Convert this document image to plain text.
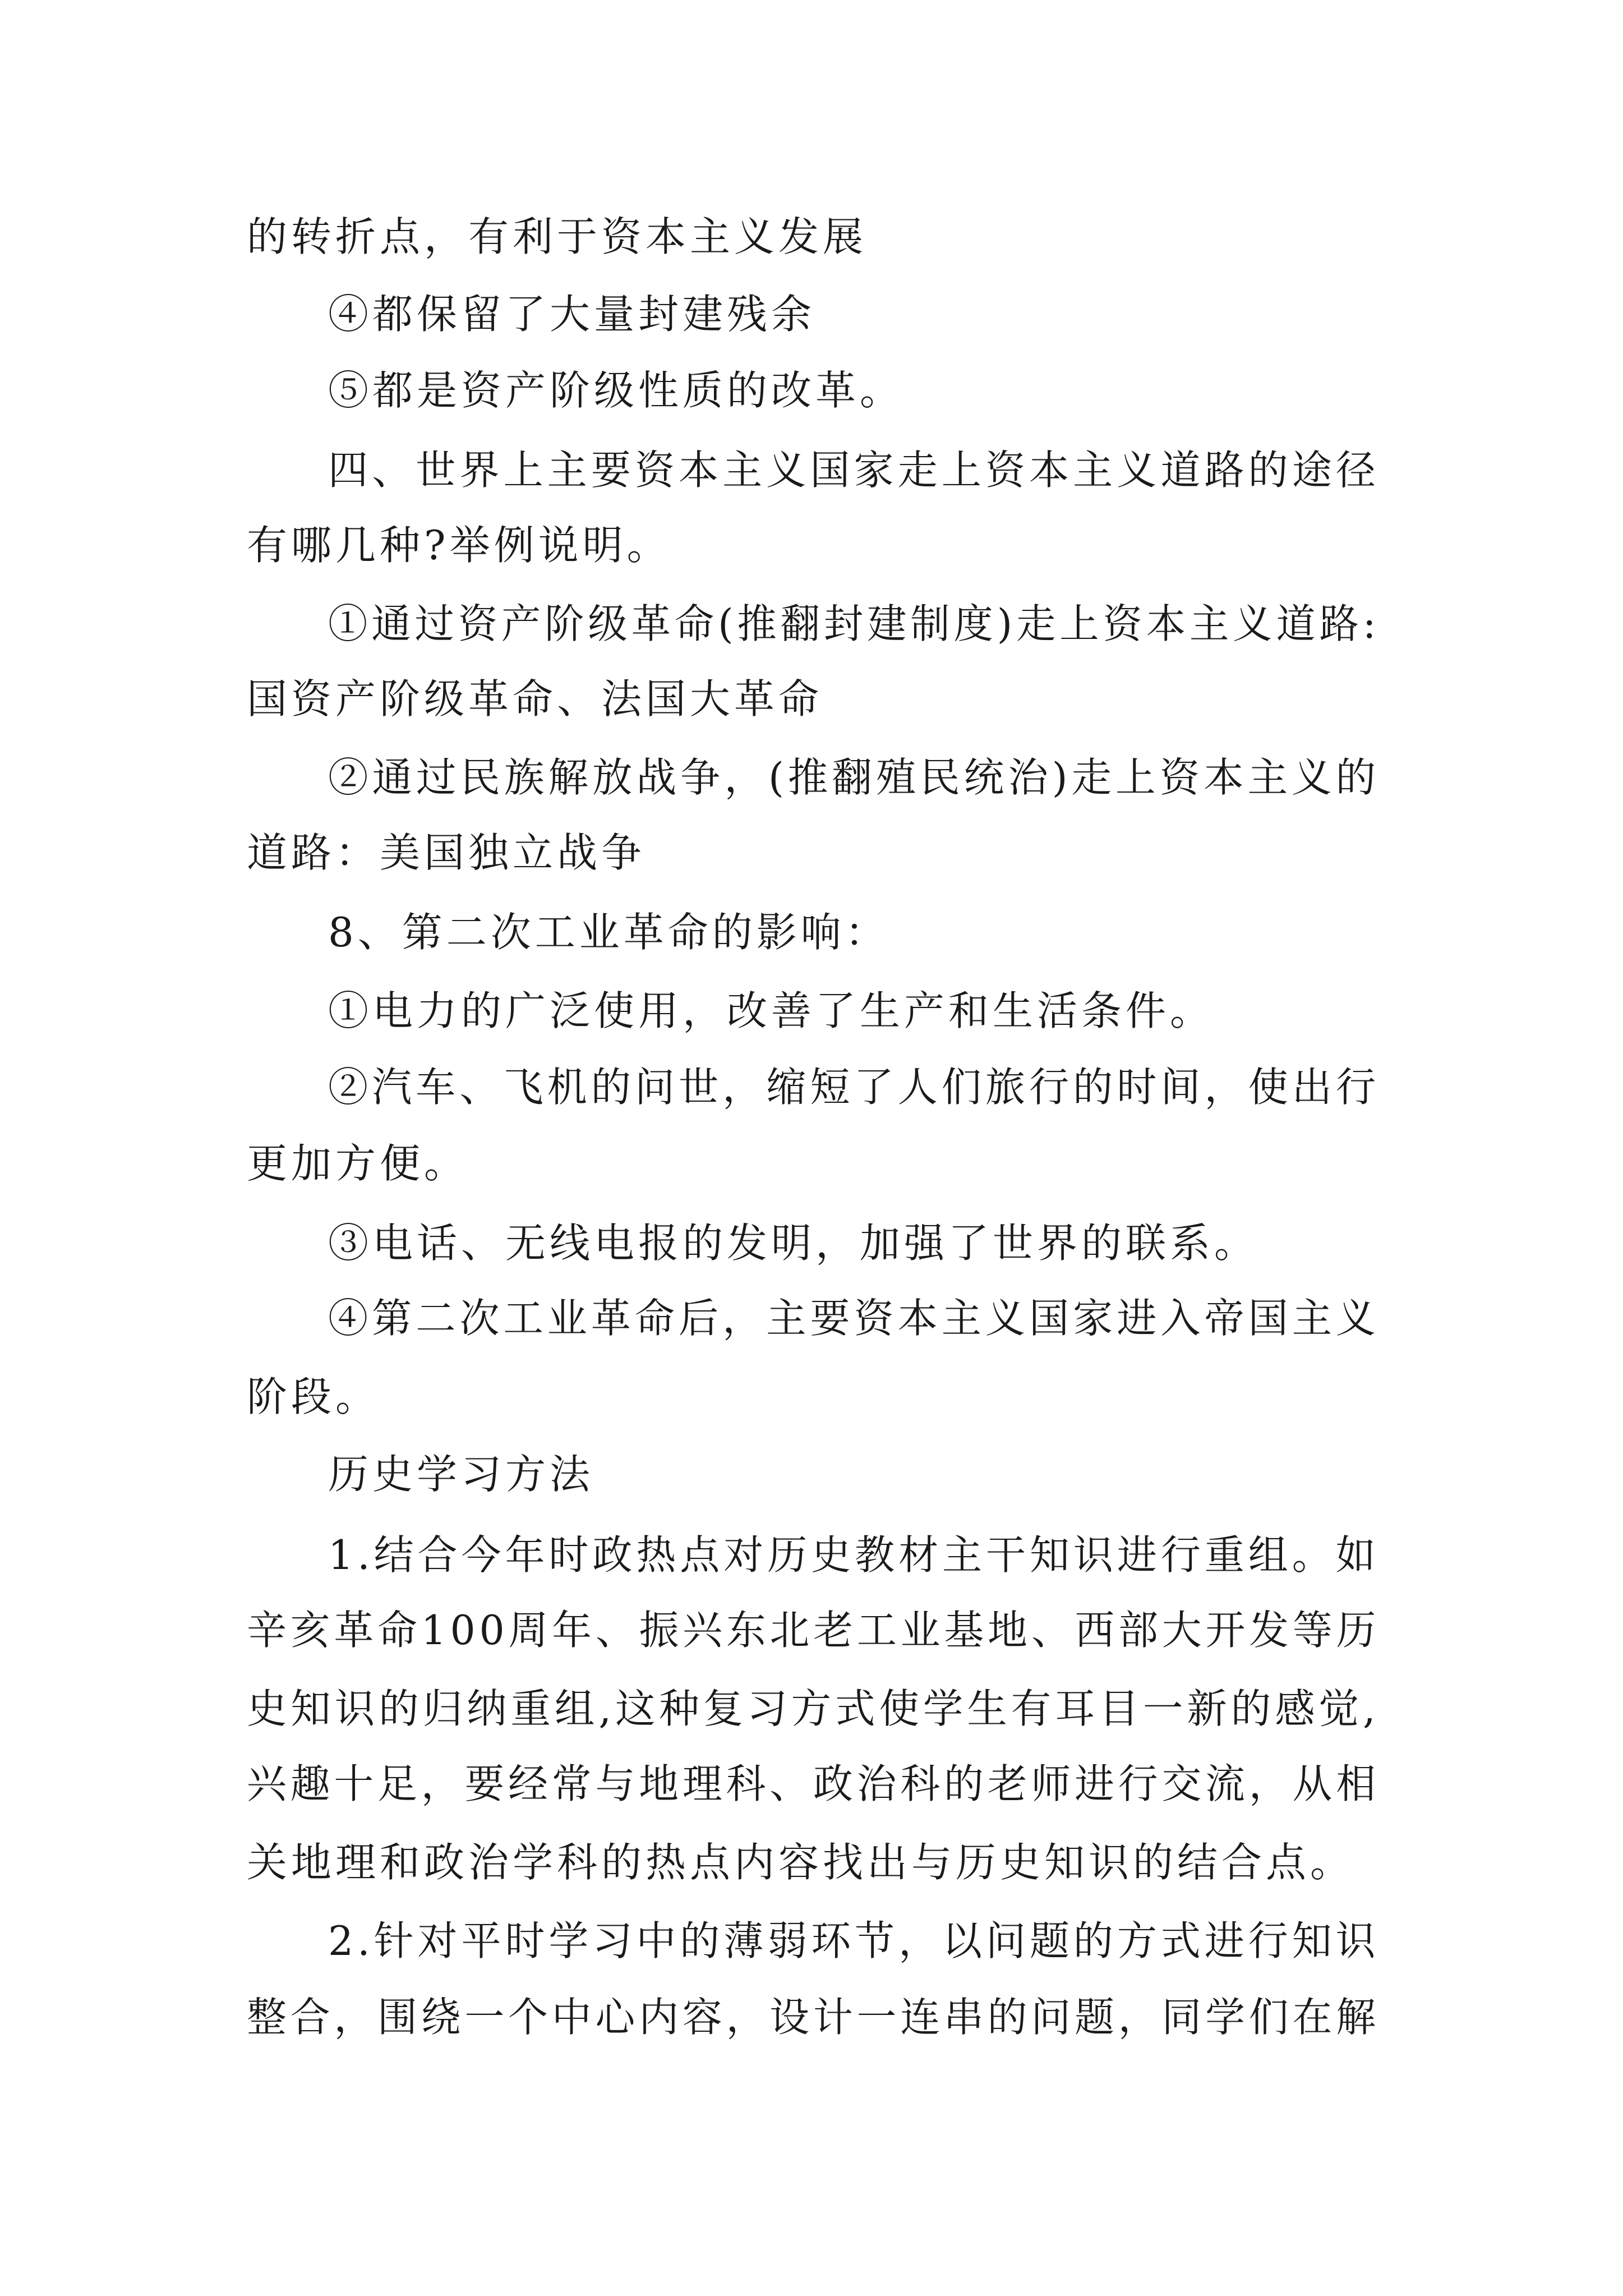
的转折点，有利于资本主义发展

④都保留了大量封建残余

⑤都是资产阶级性质的改革。

四、世界上主要资本主义国家走上资本主义道路的途径

有哪几种?举例说明。

①通过资产阶级革命(推翻封建制度)走上资本主义道路:

国资产阶级革命、法国大革命

②通过民族解放战争，(推翻殖民统治)走上资本主义的

道路：美国独立战争

8、第二次工业革命的影响：

①电力的广泛使用，改善了生产和生活条件。

②汽车、飞机的问世，缩短了人们旅行的时间，使出行

更加方便。

③电话、无线电报的发明，加强了世界的联系。

④第二次工业革命后，主要资本主义国家进入帝国主义

阶段。

历史学习方法

1.结合今年时政热点对历史教材主干知识进行重组。如

辛亥革命100周年、振兴东北老工业基地、西部大开发等历

史知识的归纳重组,这种复习方式使学生有耳目一新的感觉,

兴趣十足，要经常与地理科、政治科的老师进行交流，从相

关地理和政治学科的热点内容找出与历史知识的结合点。

2.针对平时学习中的薄弱环节，以问题的方式进行知识

整合，围绕一个中心内容，设计一连串的问题，同学们在解
